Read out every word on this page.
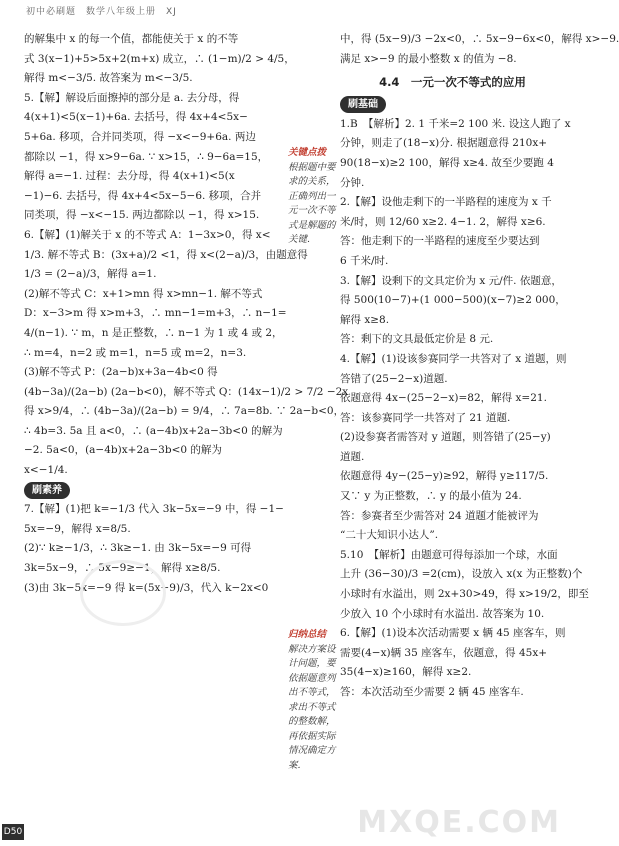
初中必刷题　数学八年级上册　XJ
的解集中 x 的每一个值，都能使关于 x 的不等
式 3(x−1)+5>5x+2(m+x) 成立，∴ (1−m)/2 > 4/5，
解得 m<−3/5. 故答案为 m<−3/5.
5.【解】解设后面擦掉的部分是 a. 去分母，得
4(x+1)<5(x−1)+6a. 去括号，得 4x+4<5x−
5+6a. 移项，合并同类项，得 −x<−9+6a. 两边
都除以 −1，得 x>9−6a. ∵ x>15，∴ 9−6a=15，
解得 a=−1. 过程：去分母，得 4(x+1)<5(x
−1)−6. 去括号，得 4x+4<5x−5−6. 移项，合并
同类项，得 −x<−15. 两边都除以 −1，得 x>15.
6.【解】(1)解关于 x 的不等式 A：1−3x>0，得 x<
1/3. 解不等式 B：(3x+a)/2 <1，得 x<(2−a)/3，由题意得
1/3 = (2−a)/3，解得 a=1.
(2)解不等式 C：x+1>mn 得 x>mn−1. 解不等式
D：x−3>m 得 x>m+3，∴ mn−1=m+3，∴ n−1=
4/(n−1). ∵ m，n 是正整数，∴ n−1 为 1 或 4 或 2，
∴ m=4，n=2 或 m=1，n=5 或 m=2，n=3.
(3)解不等式 P：(2a−b)x+3a−4b<0 得
(4b−3a)/(2a−b) (2a−b<0)，解不等式 Q：(14x−1)/2 > 7/2 −2x
得 x>9/4，∴ (4b−3a)/(2a−b) = 9/4，∴ 7a=8b. ∵ 2a−b<0，
∴ 4b=3. 5a 且 a<0，∴ (a−4b)x+2a−3b<0 的解为
−2. 5a<0，(a−4b)x+2a−3b<0 的解为
x<−1/4.
刷素养
7.【解】(1)把 k=−1/3 代入 3k−5x=−9 中，得 −1−
5x=−9，解得 x=8/5.
(2)∵ k≥−1/3，∴ 3k≥−1. 由 3k−5x=−9 可得
3k=5x−9，∴ 5x−9≥−1，解得 x≥8/5.
(3)由 3k−5x=−9 得 k=(5x−9)/3，代入 k−2x<0
关键点拨
根据题中要求的关系，正确列出一元一次不等式是解题的关键.
归纳总结
解决方案设计问题，要依据题意列出不等式，求出不等式的整数解，再依据实际情况确定方案.
中，得 (5x−9)/3 −2x<0，∴ 5x−9−6x<0，解得 x>−9.
满足 x>−9 的最小整数 x 的值为 −8.
4.4　一元一次不等式的应用
刷基础
1.B　【解析】2. 1 千米=2 100 米. 设这人跑了 x
分钟，则走了(18−x)分. 根据题意得 210x+
90(18−x)≥2 100，解得 x≥4. 故至少要跑 4
分钟.
2.【解】设他走剩下的一半路程的速度为 x 千
米/时，则 12/60 x≥2. 4−1. 2，解得 x≥6.
答：他走剩下的一半路程的速度至少要达到
6 千米/时.
3.【解】设剩下的文具定价为 x 元/件. 依题意，
得 500(10−7)+(1 000−500)(x−7)≥2 000，
解得 x≥8.
答：剩下的文具最低定价是 8 元.
4.【解】(1)设该参赛同学一共答对了 x 道题，则
答错了(25−2−x)道题.
依题意得 4x−(25−2−x)=82，解得 x=21.
答：该参赛同学一共答对了 21 道题.
(2)设参赛者需答对 y 道题，则答错了(25−y)
道题.
依题意得 4y−(25−y)≥92，解得 y≥117/5.
又∵ y 为正整数，∴ y 的最小值为 24.
答：参赛者至少需答对 24 道题才能被评为
“二十大知识小达人”.
5.10　【解析】由题意可得每添加一个球，水面
上升 (36−30)/3 =2(cm)，设放入 x(x 为正整数)个
小球时有水溢出，则 2x+30>49，得 x>19/2，即至
少放入 10 个小球时有水溢出. 故答案为 10.
6.【解】(1)设本次活动需要 x 辆 45 座客车，则
需要(4−x)辆 35 座客车，依题意，得 45x+
35(4−x)≥160，解得 x≥2.
答：本次活动至少需要 2 辆 45 座客车.
D50	MXQE.COM
